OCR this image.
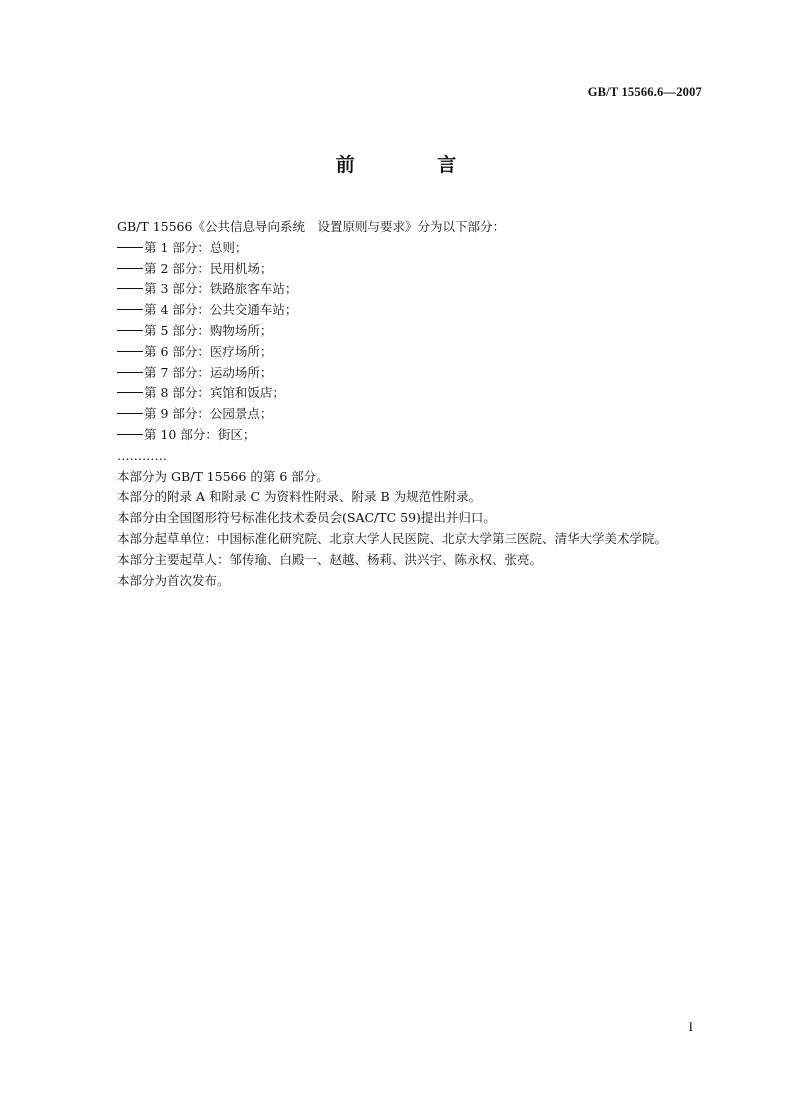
GB/T 15566.6—2007
前 言
GB/T 15566《公共信息导向系统　设置原则与要求》分为以下部分：
第 1 部分：总则；
第 2 部分：民用机场；
第 3 部分：铁路旅客车站；
第 4 部分：公共交通车站；
第 5 部分：购物场所；
第 6 部分：医疗场所；
第 7 部分：运动场所；
第 8 部分：宾馆和饭店；
第 9 部分：公园景点；
第 10 部分：街区；
…………
本部分为 GB/T 15566 的第 6 部分。
本部分的附录 A 和附录 C 为资料性附录、附录 B 为规范性附录。
本部分由全国图形符号标准化技术委员会(SAC/TC 59)提出并归口。
本部分起草单位：中国标准化研究院、北京大学人民医院、北京大学第三医院、清华大学美术学院。
本部分主要起草人：邹传瑜、白殿一、赵越、杨莉、洪兴宇、陈永权、张亮。
本部分为首次发布。
I
